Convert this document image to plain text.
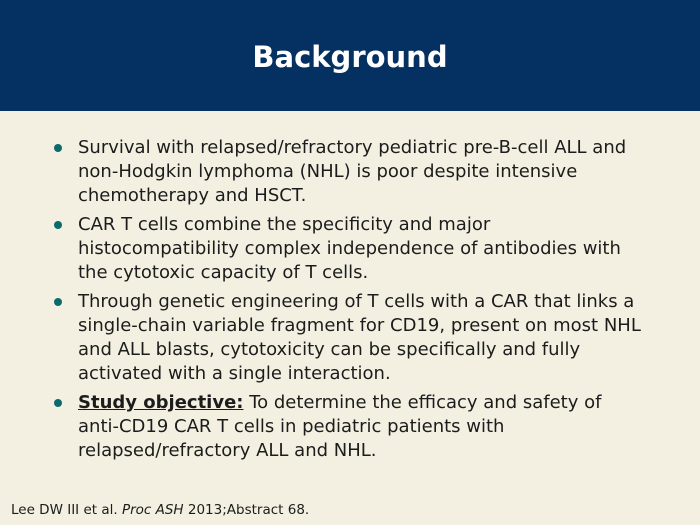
Background
Survival with relapsed/refractory pediatric pre-B-cell ALL and non-Hodgkin lymphoma (NHL) is poor despite intensive chemotherapy and HSCT.
CAR T cells combine the specificity and major histocompatibility complex independence of antibodies with the cytotoxic capacity of T cells.
Through genetic engineering of T cells with a CAR that links a single-chain variable fragment for CD19, present on most NHL and ALL blasts, cytotoxicity can be specifically and fully activated with a single interaction.
Study objective: To determine the efficacy and safety of anti-CD19 CAR T cells in pediatric patients with relapsed/refractory ALL and NHL.
Lee DW III et al. Proc ASH 2013;Abstract 68.
